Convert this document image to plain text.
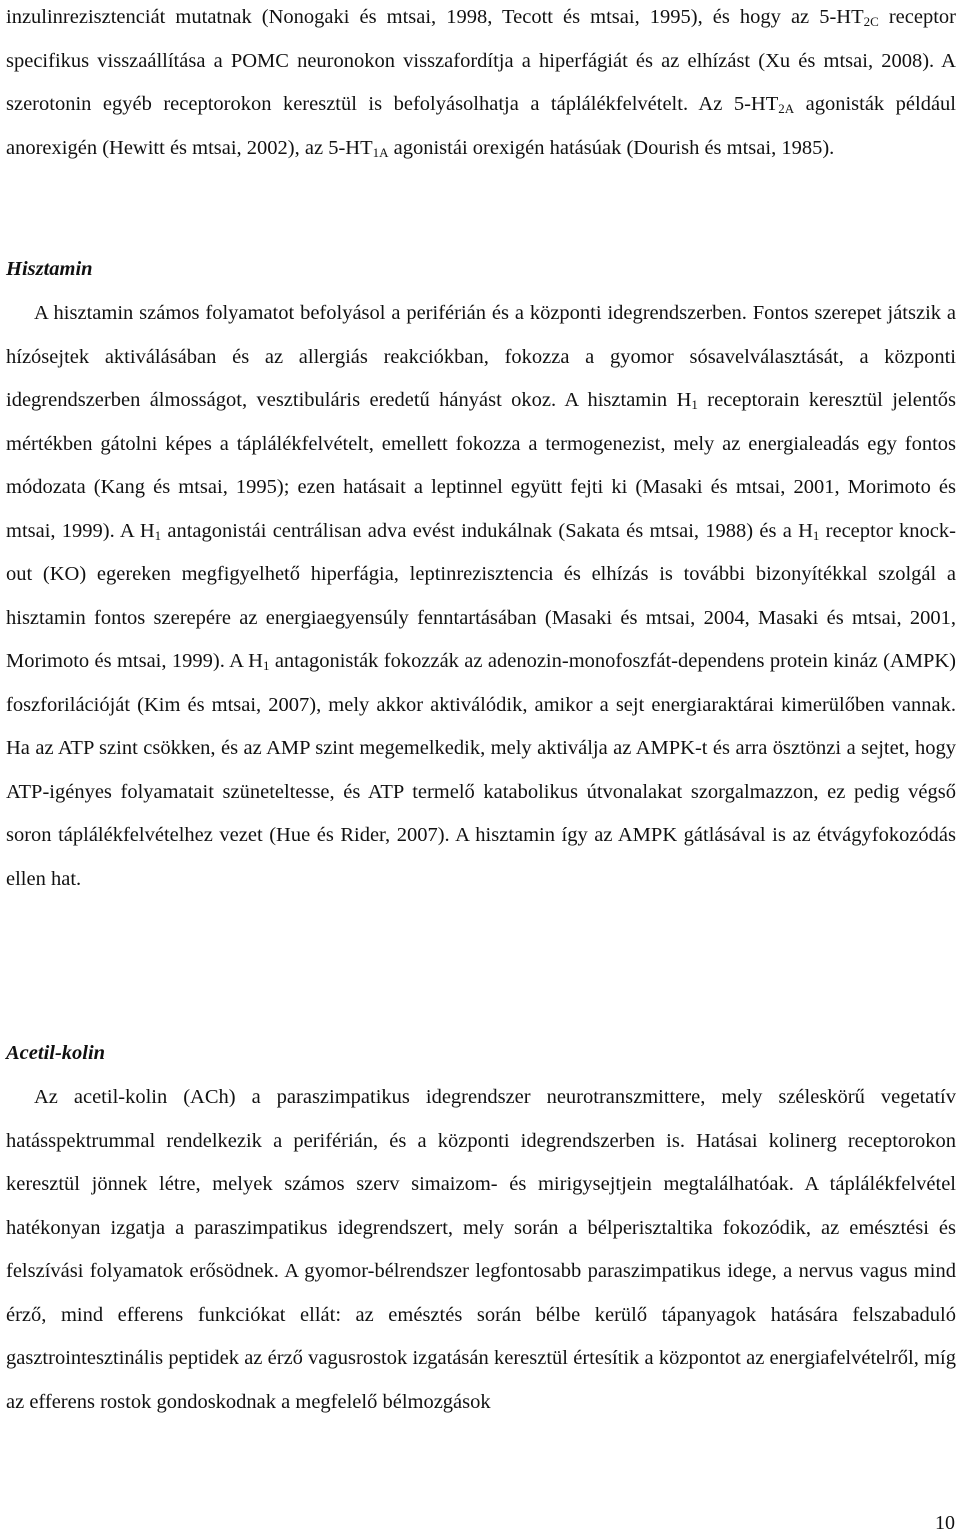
inzulinrezisztenciát mutatnak (Nonogaki és mtsai, 1998, Tecott és mtsai, 1995), és hogy az $5-HT_{2C}$ receptor specifikus visszaállítása a POMC neuronokon visszafordítja a hiperfágiát és az elhízást (Xu és mtsai, 2008). A szerotonin egyéb receptorokon keresztül is befolyásolhatja a táplálékfelvételt. Az $5-HT_{2A}$ agonisták például anorexigén (Hewitt és mtsai, 2002), az $5-HT_{1A}$ agonistái orexigén hatásúak (Dourish és mtsai, 1985).

Hisztamin

A hisztamin számos folyamatot befolyásol a periférián és a központi idegrendszerben. Fontos szerepet játszik a hízósejtek aktiválásában és az allergiás reakciókban, fokozza a gyomor sósavelválasztását, a központi idegrendszerben álmosságot, vesztibuláris eredetű hányást okoz. A hisztamin $H_1$ receptorain keresztül jelentős mértékben gátolni képes a táplálékfelvételt, emellett fokozza a termogenezist, mely az energialeadás egy fontos módozata (Kang és mtsai, 1995); ezen hatásait a leptinnel együtt fejti ki (Masaki és mtsai, 2001, Morimoto és mtsai, 1999). A $H_1$ antagonistái centrálisan adva evést indukálnak (Sakata és mtsai, 1988) és a $H_1$ receptor knock-out (KO) egereken megfigyelhető hiperfágia, leptinrezisztencia és elhízás is további bizonyítékkal szolgál a hisztamin fontos szerepére az energiaegyensúly fenntartásában (Masaki és mtsai, 2004, Masaki és mtsai, 2001, Morimoto és mtsai, 1999). A $H_1$ antagonisták fokozzák az adenozin-monofoszfát-dependens protein kináz (AMPK) foszforilációját (Kim és mtsai, 2007), mely akkor aktiválódik, amikor a sejt energiaraktárai kimerülőben vannak. Ha az ATP szint csökken, és az AMP szint megemelkedik, mely aktiválja az AMPK-t és arra ösztönzi a sejtet, hogy ATP-igényes folyamatait szüneteltesse, és ATP termelő katabolikus útvonalakat szorgalmazzon, ez pedig végső soron táplálékfelvételhez vezet (Hue és Rider, 2007). A hisztamin így az AMPK gátlásával is az étvágyfokozódás ellen hat.

Acetil-kolin

Az acetil-kolin (ACh) a paraszimpatikus idegrendszer neurotranszmittere, mely széleskörű vegetatív hatásspektrummal rendelkezik a periférián, és a központi idegrendszerben is. Hatásai kolinerg receptorokon keresztül jönnek létre, melyek számos szerv simaizom- és mirigysejtjein megtalálhatóak. A táplálékfelvétel hatékonyan izgatja a paraszimpatikus idegrendszert, mely során a bélperisztaltika fokozódik, az emésztési és felszívási folyamatok erősödnek. A gyomor-bélrendszer legfontosabb paraszimpatikus idege, a nervus vagus mind érző, mind efferens funkciókat ellát: az emésztés során bélbe kerülő tápanyagok hatására felszabaduló gasztrointesztinális peptidek az érző vagusrostok izgatásán keresztül értesítik a központot az energiafelvételről, míg az efferens rostok gondoskodnak a megfelelő bélmozgások

10
